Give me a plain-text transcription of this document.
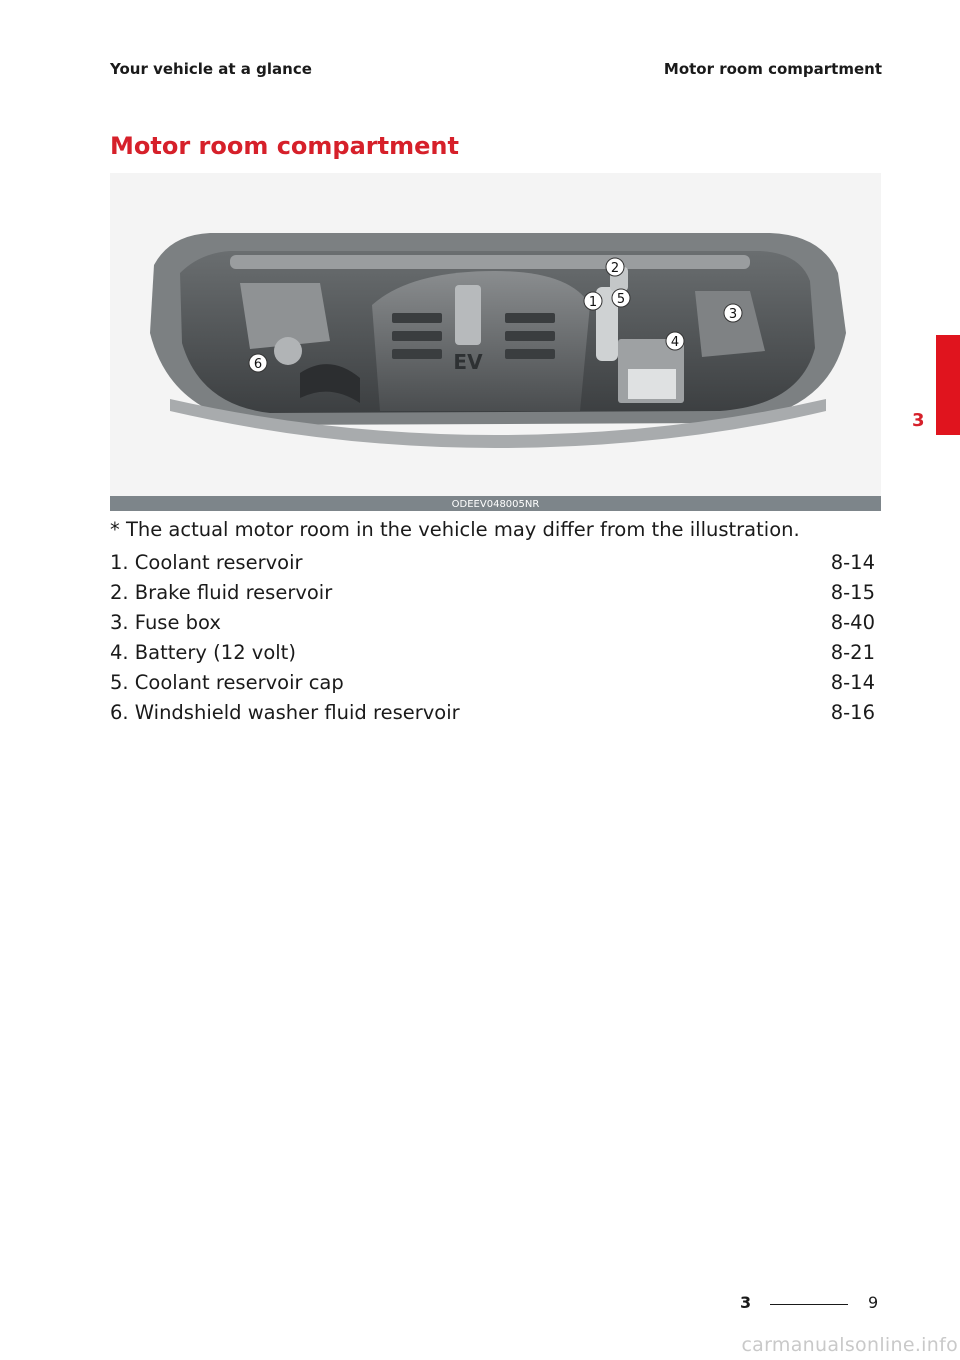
Your vehicle at a glance	Motor room compartment
Motor room compartment
EV
1
2
3
4
5
6
ODEEV048005NR
* The actual motor room in the vehicle may differ from the illustration.
1. Coolant reservoir	8-14
2. Brake fluid reservoir	8-15
3. Fuse box	8-40
4. Battery (12 volt)	8-21
5. Coolant reservoir cap	8-14
6. Windshield washer fluid reservoir	8-16
3
3	9
carmanualsonline.info
